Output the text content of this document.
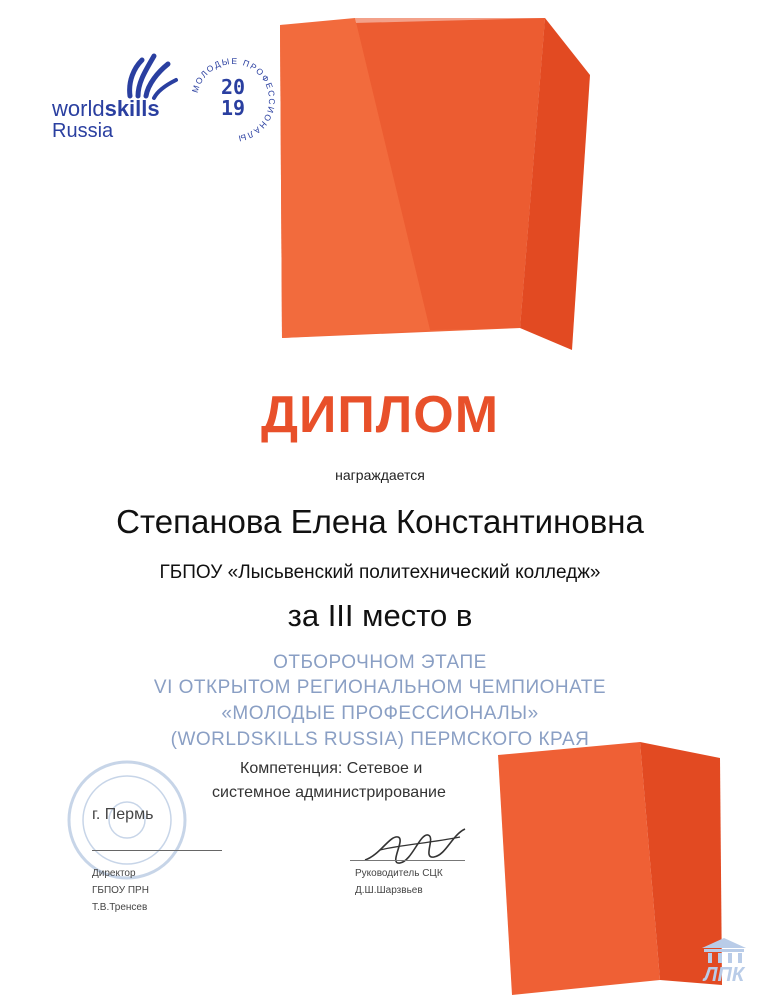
worldskills
Russia
МОЛОДЫЕ ПРОФЕССИОНАЛЫ
20
19
ДИПЛОМ
награждается
Степанова Елена Константиновна
ГБПОУ «Лысьвенский политехнический колледж»
за III место в
ОТБОРОЧНОМ ЭТАПЕ
VI ОТКРЫТОМ РЕГИОНАЛЬНОМ ЧЕМПИОНАТЕ
«МОЛОДЫЕ ПРОФЕССИОНАЛЫ»
(WORLDSKILLS RUSSIA) ПЕРМСКОГО КРАЯ
Компетенция: Сетевое и
системное администрирование
г. Пермь
Директор
ГБПОУ ПРН
Т.В.Тренсев
Руководитель СЦК
Д.Ш.Шарзвьев
ЛПК
